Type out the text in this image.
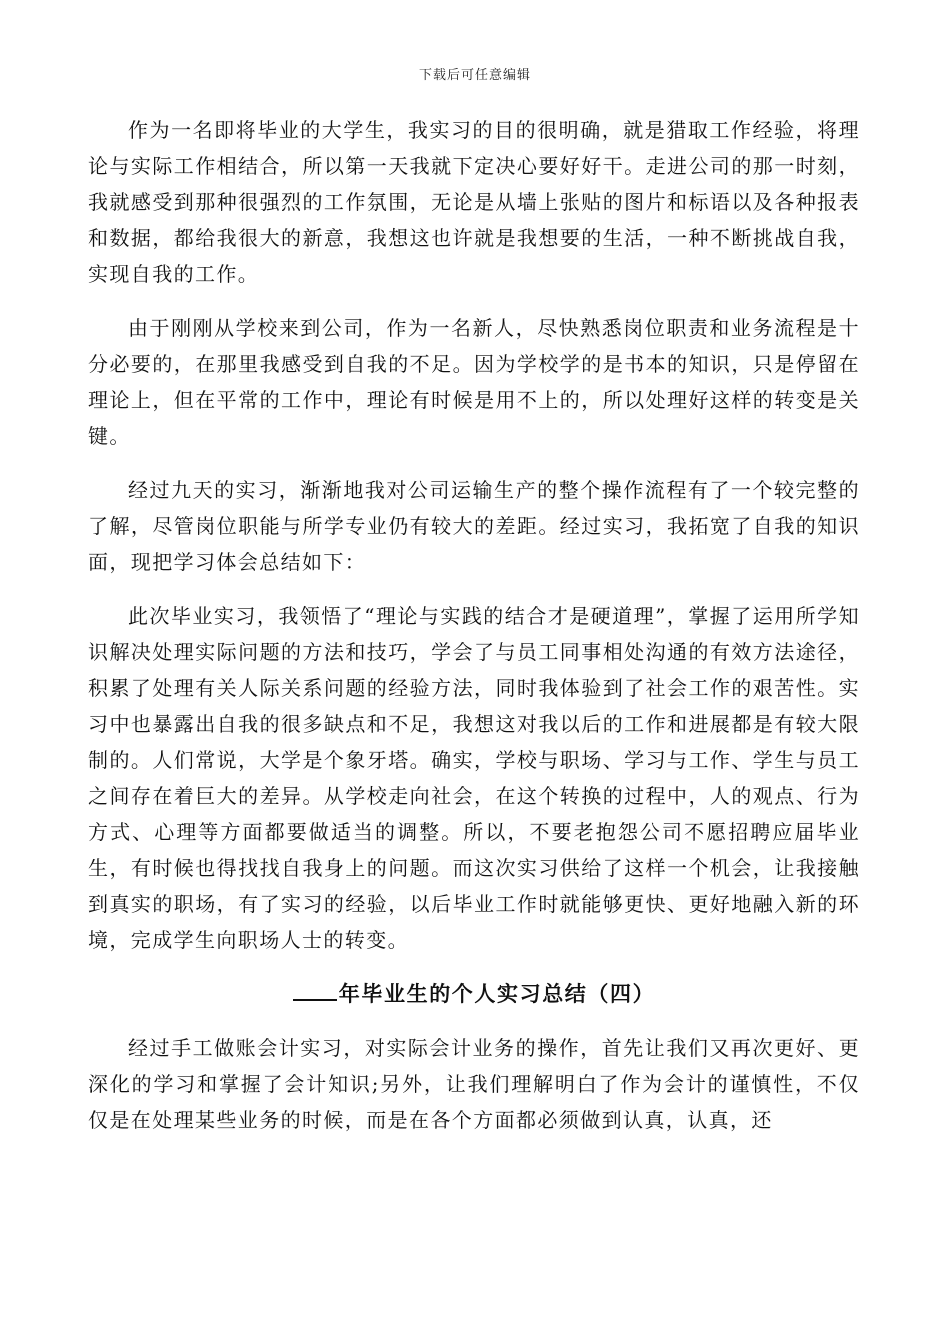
下载后可任意编辑

作为一名即将毕业的大学生，我实习的目的很明确，就是猎取工作经验，将理论与实际工作相结合，所以第一天我就下定决心要好好干。走进公司的那一时刻，我就感受到那种很强烈的工作氛围，无论是从墙上张贴的图片和标语以及各种报表和数据，都给我很大的新意，我想这也许就是我想要的生活，一种不断挑战自我，实现自我的工作。

由于刚刚从学校来到公司，作为一名新人，尽快熟悉岗位职责和业务流程是十分必要的，在那里我感受到自我的不足。因为学校学的是书本的知识，只是停留在理论上，但在平常的工作中，理论有时候是用不上的，所以处理好这样的转变是关键。

经过九天的实习，渐渐地我对公司运输生产的整个操作流程有了一个较完整的了解，尽管岗位职能与所学专业仍有较大的差距。经过实习，我拓宽了自我的知识面，现把学习体会总结如下：

此次毕业实习，我领悟了“理论与实践的结合才是硬道理”，掌握了运用所学知识解决处理实际问题的方法和技巧，学会了与员工同事相处沟通的有效方法途径，积累了处理有关人际关系问题的经验方法，同时我体验到了社会工作的艰苦性。实习中也暴露出自我的很多缺点和不足，我想这对我以后的工作和进展都是有较大限制的。人们常说，大学是个象牙塔。确实，学校与职场、学习与工作、学生与员工之间存在着巨大的差异。从学校走向社会，在这个转换的过程中，人的观点、行为方式、心理等方面都要做适当的调整。所以，不要老抱怨公司不愿招聘应届毕业生，有时候也得找找自我身上的问题。而这次实习供给了这样一个机会，让我接触到真实的职场，有了实习的经验，以后毕业工作时就能够更快、更好地融入新的环境，完成学生向职场人士的转变。

年毕业生的个人实习总结（四）

经过手工做账会计实习，对实际会计业务的操作，首先让我们又再次更好、更深化的学习和掌握了会计知识;另外，让我们理解明白了作为会计的谨慎性，不仅仅是在处理某些业务的时候，而是在各个方面都必须做到认真，认真，还
